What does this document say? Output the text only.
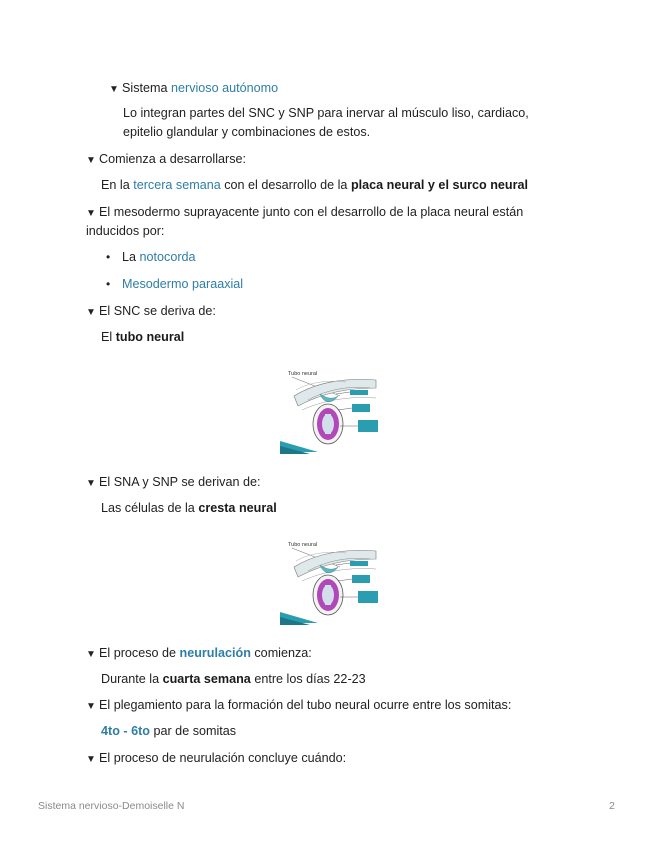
▼ Sistema nervioso autónomo
Lo integran partes del SNC y SNP para inervar al músculo liso, cardiaco,
epitelio glandular y combinaciones de estos.
▼ Comienza a desarrollarse:
En la tercera semana con el desarrollo de la placa neural y el surco neural
▼ El mesodermo suprayacente junto con el desarrollo de la placa neural están
inducidos por:
• La notocorda
• Mesodermo paraaxial
▼ El SNC se deriva de:
El tubo neural
Tubo neural
▼ El SNA y SNP se derivan de:
Las células de la cresta neural
Tubo neural
▼ El proceso de neurulación comienza:
Durante la cuarta semana entre los días 22-23
▼ El plegamiento para la formación del tubo neural ocurre entre los somitas:
4to - 6to par de somitas
▼ El proceso de neurulación concluye cuándo:
Sistema nervioso-Demoiselle N	2
